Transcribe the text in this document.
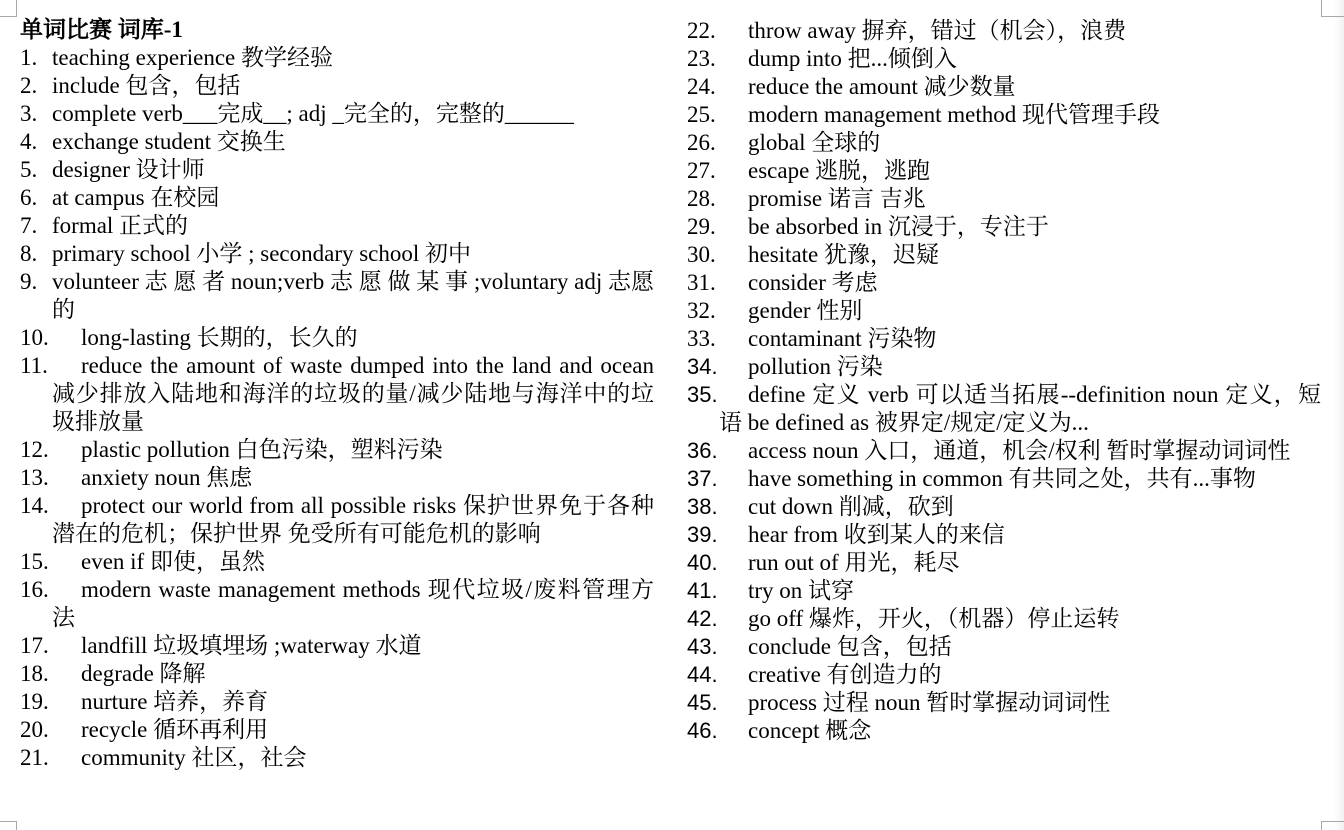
单词比赛 词库-1
1. teaching experience 教学经验
2. include 包含，包括
3. complete verb___完成__; adj _完全的，完整的______
4. exchange student 交换生
5. designer 设计师
6. at campus 在校园
7. formal 正式的
8. primary school 小学 ; secondary school 初中
9. volunteer 志 愿 者 noun;verb 志 愿 做 某 事 ;voluntary adj 志愿的
10.	long-lasting 长期的，长久的
11.	reduce the amount of waste dumped into the land and ocean 减少排放入陆地和海洋的垃圾的量/减少陆地与海洋中的垃圾排放量
12.	plastic pollution 白色污染，塑料污染
13.	anxiety noun 焦虑
14.	protect our world from all possible risks 保护世界免于各种潜在的危机；保护世界 免受所有可能危机的影响
15.	even if 即使，虽然
16.	modern waste management methods 现代垃圾/废料管理方法
17.	landfill 垃圾填埋场 ;waterway 水道
18.	degrade 降解
19.	nurture 培养，养育
20.	recycle 循环再利用
21.	community 社区，社会
22.	throw away 摒弃，错过（机会），浪费
23.	dump into 把...倾倒入
24.	reduce the amount 减少数量
25.	modern management method 现代管理手段
26.	global 全球的
27.	escape 逃脱，逃跑
28.	promise 诺言 吉兆
29.	be absorbed in 沉浸于，专注于
30.	hesitate 犹豫，迟疑
31.	consider 考虑
32.	gender 性别
33.	contaminant 污染物
34.	pollution 污染
35.	define 定义 verb 可以适当拓展--definition noun 定义，短语 be defined as 被界定/规定/定义为...
36.	access noun 入口，通道，机会/权利 暂时掌握动词词性
37.	have something in common 有共同之处，共有...事物
38.	cut down 削减，砍到
39.	hear from 收到某人的来信
40.	run out of 用光，耗尽
41.	try on 试穿
42.	go off 爆炸，开火，（机器）停止运转
43.	conclude 包含，包括
44.	creative 有创造力的
45.	process 过程 noun 暂时掌握动词词性
46.	concept 概念
